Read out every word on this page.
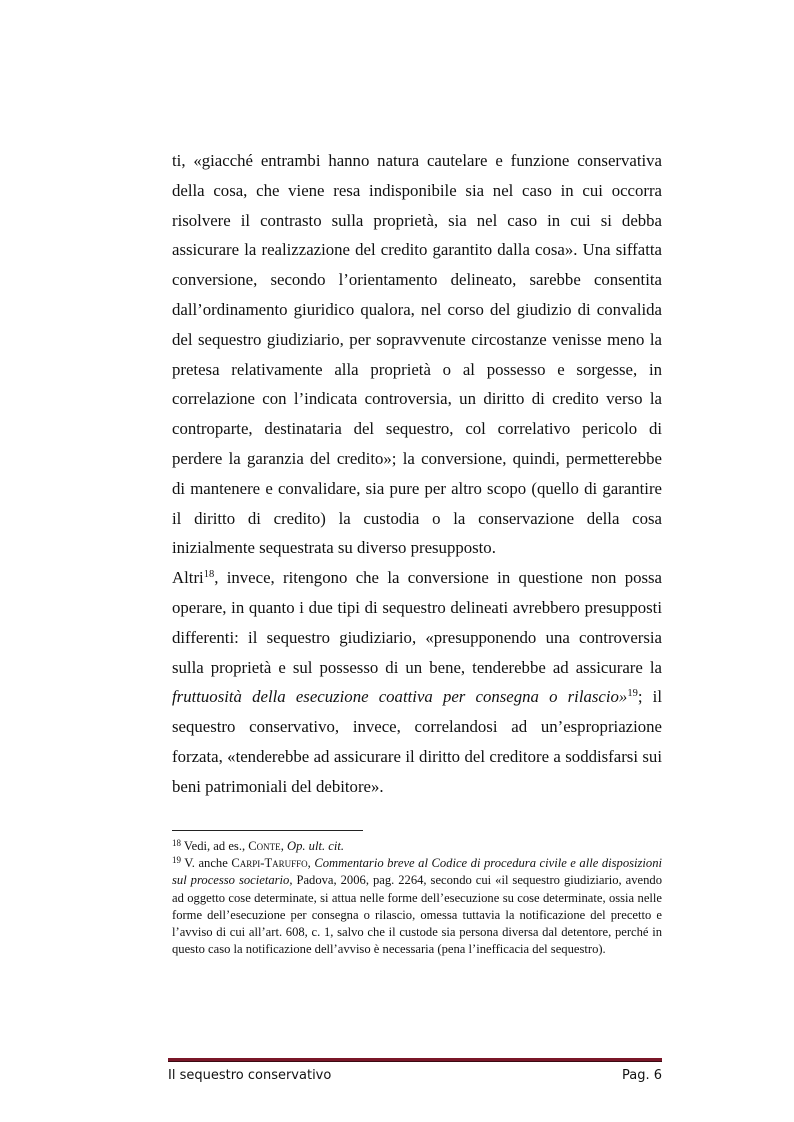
ti, «giacché entrambi hanno natura cautelare e funzione conservativa della cosa, che viene resa indisponibile sia nel caso in cui occorra risolvere il contrasto sulla proprietà, sia nel caso in cui si debba assicurare la realizzazione del credito garantito dalla cosa». Una siffatta conversione, secondo l’orientamento delineato, sarebbe consentita dall’ordinamento giuridico qualora, nel corso del giudizio di convalida del sequestro giudiziario, per sopravvenute circostanze venisse meno la pretesa relativamente alla proprietà o al possesso e sorgesse, in correlazione con l’indicata controversia, un diritto di credito verso la controparte, destinataria del sequestro, col correlativo pericolo di perdere la garanzia del credito»; la conversione, quindi, permetterebbe di mantenere e convalidare, sia pure per altro scopo (quello di garantire il diritto di credito) la custodia o la conservazione della cosa inizialmente sequestrata su diverso presupposto.

Altri$^{18}$, invece, ritengono che la conversione in questione non possa operare, in quanto i due tipi di sequestro delineati avrebbero presupposti differenti: il sequestro giudiziario, «presupponendo una controversia sulla proprietà e sul possesso di un bene, tenderebbe ad assicurare la fruttuosità della esecuzione coattiva per consegna o rilascio»$^{19}$; il sequestro conservativo, invece, correlandosi ad un’espropriazione forzata, «tenderebbe ad assicurare il diritto del creditore a soddisfarsi sui beni patrimoniali del debitore».

$^{18}$ Vedi, ad es., Conte, Op. ult. cit.

$^{19}$ V. anche Carpi-Taruffo, Commentario breve al Codice di procedura civile e alle disposizioni sul processo societario, Padova, 2006, pag. 2264, secondo cui «il sequestro giudiziario, avendo ad oggetto cose determinate, si attua nelle forme dell’esecuzione su cose determinate, ossia nelle forme dell’esecuzione per consegna o rilascio, omessa tuttavia la notificazione del precetto e l’avviso di cui all’art. 608, c. 1, salvo che il custode sia persona diversa dal detentore, perché in questo caso la notificazione dell’avviso è necessaria (pena l’inefficacia del sequestro).

Il sequestro conservativo	Pag. 6
